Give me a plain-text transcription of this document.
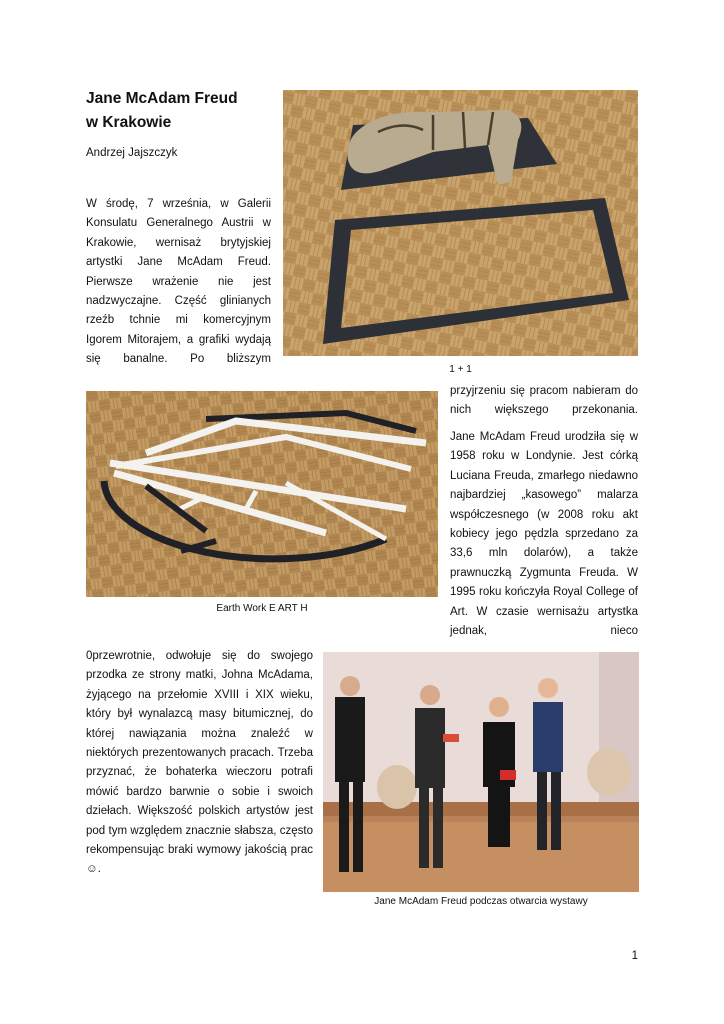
Jane McAdam Freud
w Krakowie
Andrzej Jajszczyk

W środę, 7 września, w Galerii Konsulatu Generalnego Austrii w Krakowie, wernisaż brytyjskiej artystki Jane McAdam Freud. Pierwsze wrażenie nie jest nadzwyczajne. Część glinianych rzeźb tchnie mi komercyjnym Igorem Mitorajem, a grafiki wydają się banalne. Po bliższym

1 + 1

przyjrzeniu się pracom nabieram do nich większego przekonania.

Jane McAdam Freud urodziła się w 1958 roku w Londynie. Jest córką Luciana Freuda, zmarłego niedawno najbardziej „kasowego” malarza współczesnego (w 2008 roku akt kobiecy jego pędzla sprzedano za 33,6 mln dolarów), a także prawnuczką Zygmunta Freuda. W 1995 roku kończyła Royal College of Art. W czasie wernisażu artystka jednak, nieco

Earth Work E ART H

0przewrotnie, odwołuje się do swojego przodka ze strony matki, Johna McAdama, żyjącego na przełomie XVIII i XIX wieku, który był wynalazcą masy bitumicznej, do której nawiązania można znaleźć w niektórych prezentowanych pracach. Trzeba przyznać, że bohaterka wieczoru potrafi mówić bardzo barwnie o sobie i swoich dziełach. Większość polskich artystów jest pod tym względem znacznie słabsza, często rekompensując braki wymowy jakością prac ☺.

Jane McAdam Freud podczas otwarcia wystawy
1
